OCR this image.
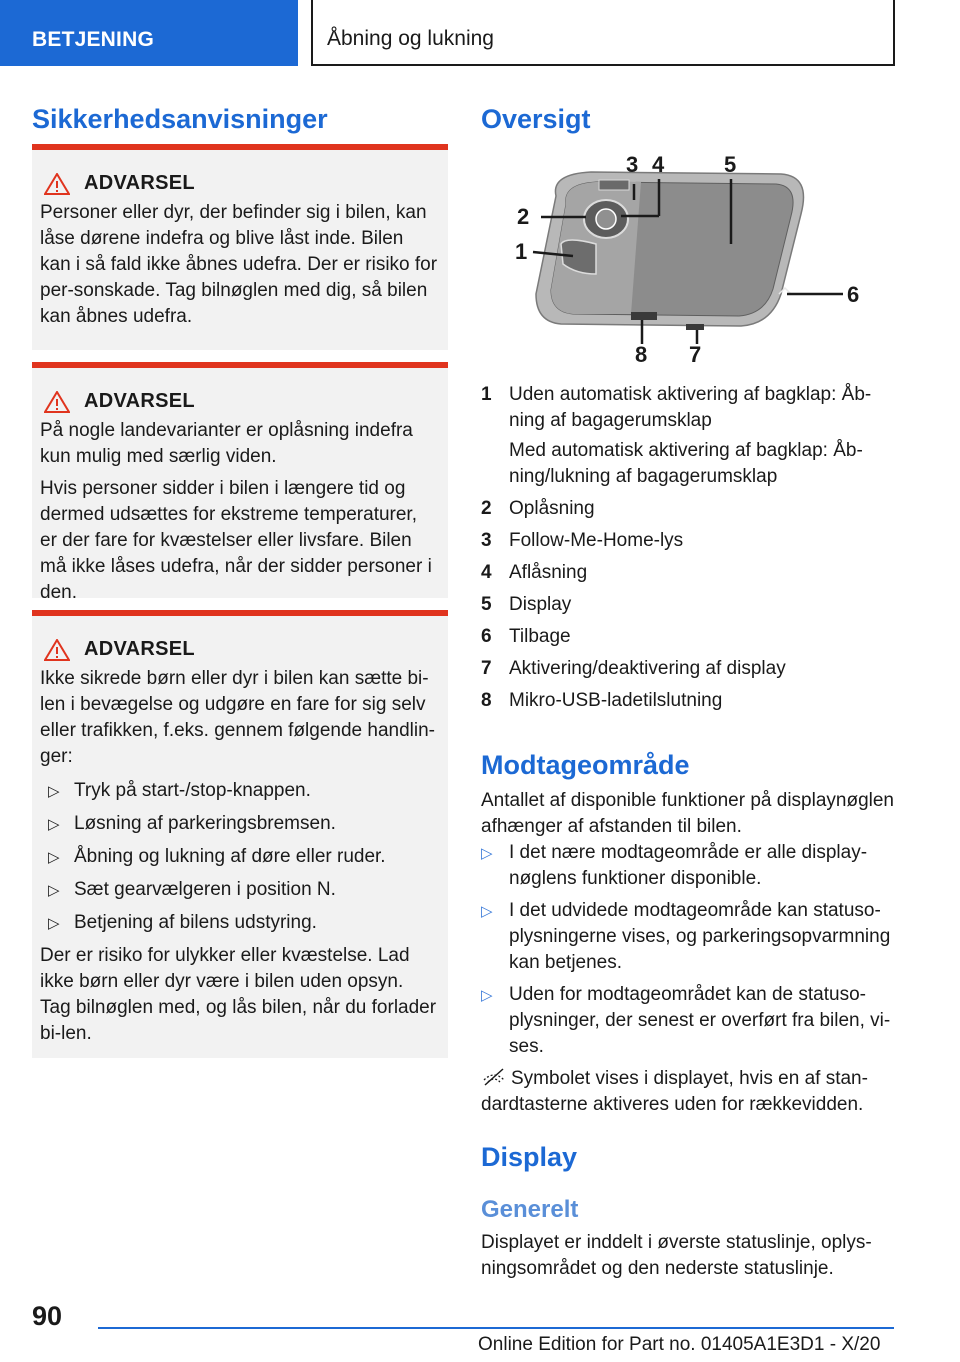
BETJENING	Åbning og lukning
Sikkerhedsanvisninger
ADVARSEL
Personer eller dyr, der befinder sig i bilen, kan låse dørene indefra og blive låst inde. Bilen kan i så fald ikke åbnes udefra. Der er risiko for per-sonskade. Tag bilnøglen med dig, så bilen kan åbnes udefra.
ADVARSEL
På nogle landevarianter er oplåsning indefra kun mulig med særlig viden.
Hvis personer sidder i bilen i længere tid og dermed udsættes for ekstreme temperaturer, er der fare for kvæstelser eller livsfare. Bilen må ikke låses udefra, når der sidder personer i den.
ADVARSEL
Ikke sikrede børn eller dyr i bilen kan sætte bi-len i bevægelse og udgøre en fare for sig selv eller trafikken, f.eks. gennem følgende handlin-ger:
▷ Tryk på start-/stop-knappen.
▷ Løsning af parkeringsbremsen.
▷ Åbning og lukning af døre eller ruder.
▷ Sæt gearvælgeren i position N.
▷ Betjening af bilens udstyring.
Der er risiko for ulykker eller kvæstelse. Lad ikke børn eller dyr være i bilen uden opsyn. Tag bilnøglen med, og lås bilen, når du forlader bi-len.
Oversigt
1
2
3 4	5
6
7
8
1 Uden automatisk aktivering af bagklap: Åb-ning af bagagerumsklap
Med automatisk aktivering af bagklap: Åb-ning/lukning af bagagerumsklap
2 Oplåsning
3 Follow-Me-Home-lys
4 Aflåsning
5 Display
6 Tilbage
7 Aktivering/deaktivering af display
8 Mikro-USB-ladetilslutning
Modtageområde
Antallet af disponible funktioner på displaynøglen afhænger af afstanden til bilen.
▷ I det nære modtageområde er alle display-nøglens funktioner disponible.
▷ I det udvidede modtageområde kan statuso-plysningerne vises, og parkeringsopvarmning kan betjenes.
▷ Uden for modtageområdet kan de statuso-plysninger, der senest er overført fra bilen, vi-ses.
Symbolet vises i displayet, hvis en af stan-dardtasterne aktiveres uden for rækkevidden.
Display
Generelt
Displayet er inddelt i øverste statuslinje, oplys-ningsområdet og den nederste statuslinje.
90
Online Edition for Part no. 01405A1E3D1 - X/20
